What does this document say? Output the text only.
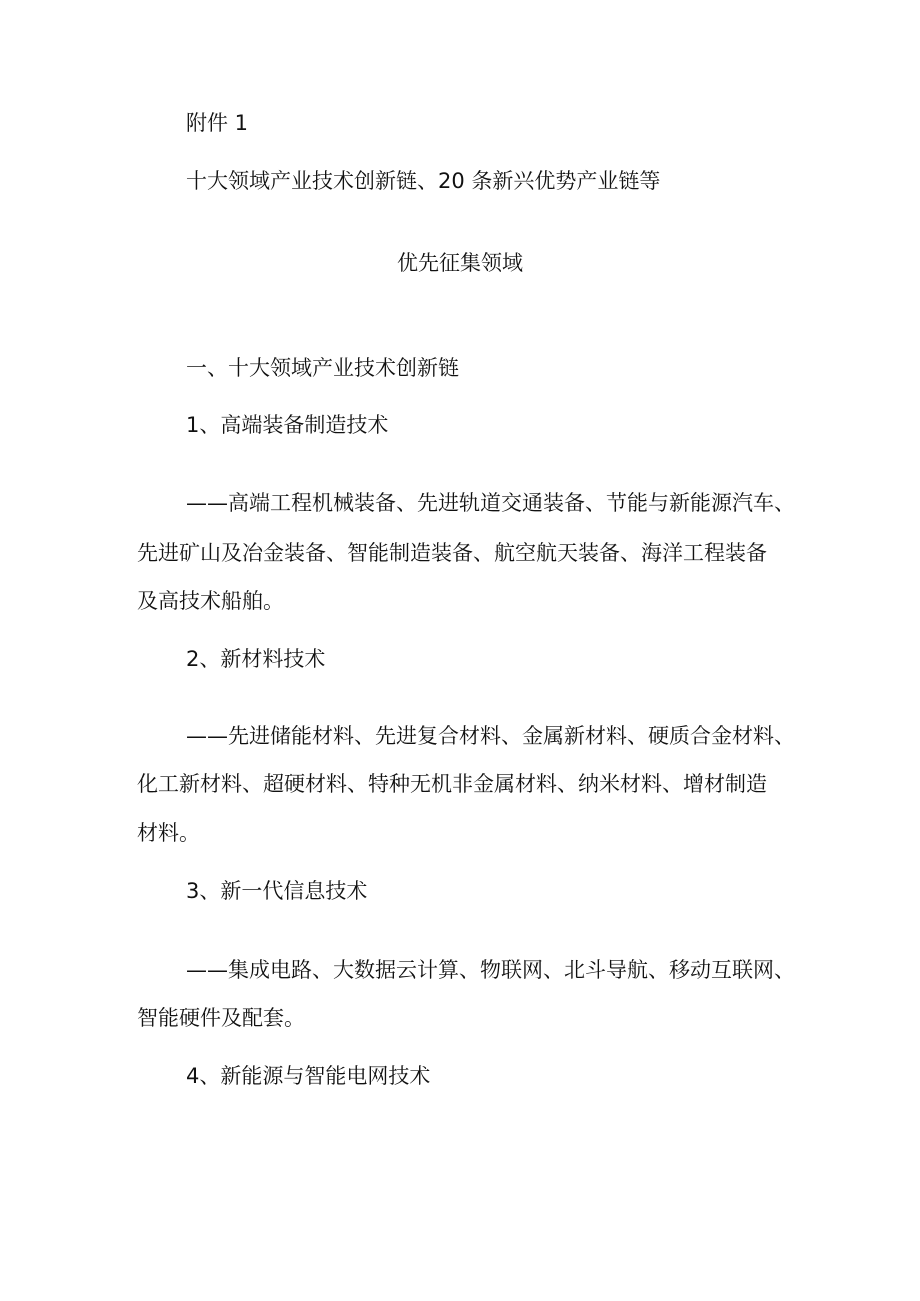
附件 1
十大领域产业技术创新链、20 条新兴优势产业链等
优先征集领域
一、十大领域产业技术创新链
1、高端装备制造技术
——高端工程机械装备、先进轨道交通装备、节能与新能源汽车、
先进矿山及冶金装备、智能制造装备、航空航天装备、海洋工程装备
及高技术船舶。
2、新材料技术
——先进储能材料、先进复合材料、金属新材料、硬质合金材料、
化工新材料、超硬材料、特种无机非金属材料、纳米材料、增材制造
材料。
3、新一代信息技术
——集成电路、大数据云计算、物联网、北斗导航、移动互联网、
智能硬件及配套。
4、新能源与智能电网技术
